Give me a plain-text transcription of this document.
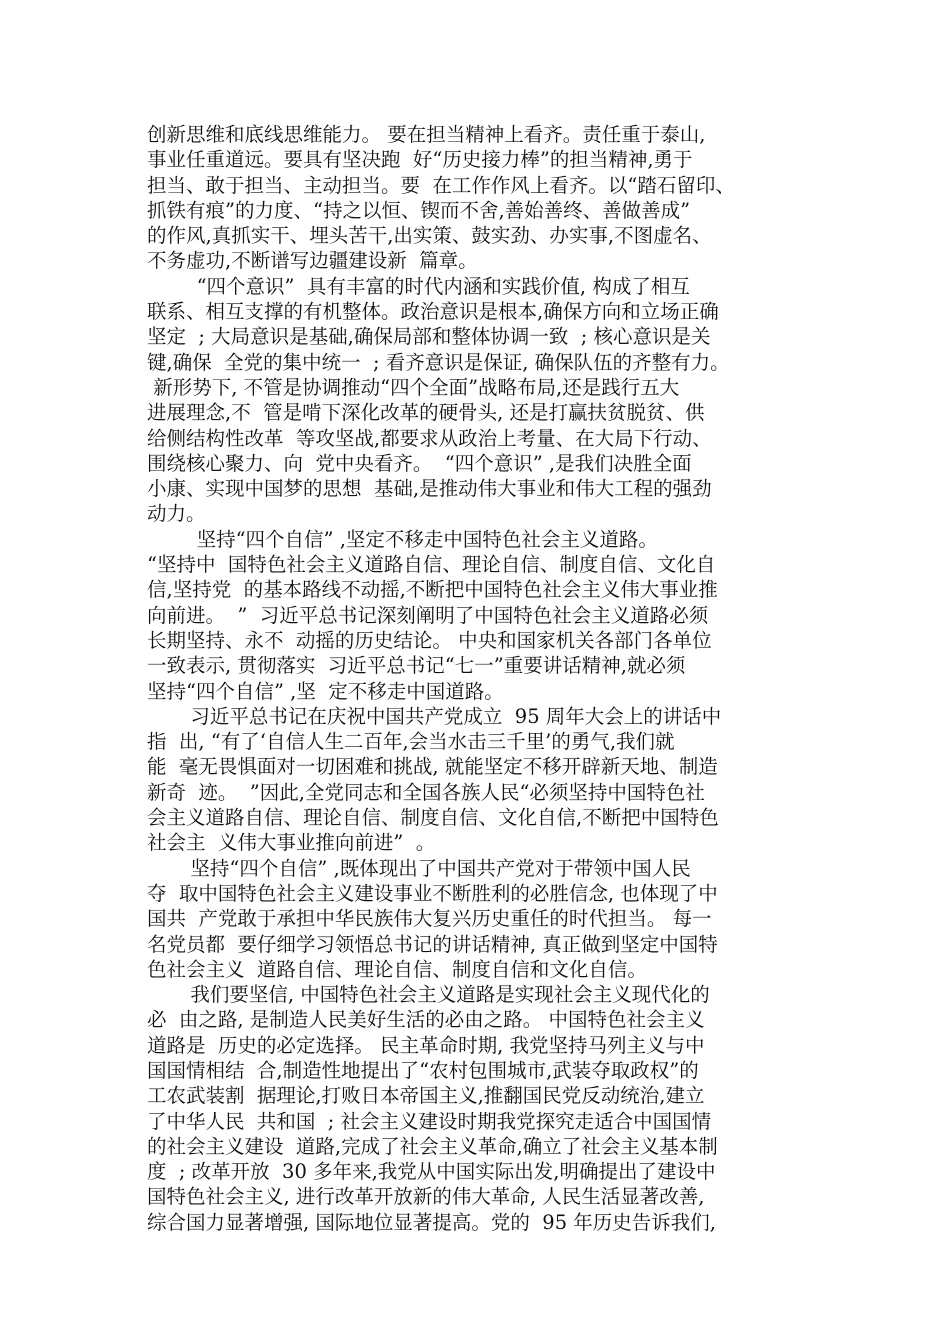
创新思维和底线思维能力。 要在担当精神上看齐。责任重于泰山,
事业任重道远。要具有坚决跑  好“历史接力棒”的担当精神,勇于
担当、敢于担当、主动担当。要  在工作作风上看齐。以“踏石留印、
抓铁有痕”的力度、“持之以恒、锲而不舍,善始善终、善做善成”
的作风,真抓实干、埋头苦干,出实策、鼓实劲、办实事,不图虚名、
不务虚功,不断谱写边疆建设新  篇章。
“四个意识”  具有丰富的时代内涵和实践价值, 构成了相互
联系、相互支撑的有机整体。政治意识是根本,确保方向和立场正确
坚定  ; 大局意识是基础,确保局部和整体协调一致  ; 核心意识是关
键,确保  全党的集中统一  ; 看齐意识是保证, 确保队伍的齐整有力。
新形势下, 不管是协调推动“四个全面”战略布局,还是践行五大
进展理念,不  管是啃下深化改革的硬骨头, 还是打赢扶贫脱贫、供
给侧结构性改革  等攻坚战,都要求从政治上考量、在大局下行动、
围绕核心聚力、向  党中央看齐。  “四个意识” ,是我们决胜全面
小康、实现中国梦的思想  基础,是推动伟大事业和伟大工程的强劲
动力。
坚持“四个自信” ,坚定不移走中国特色社会主义道路。
“坚持中  国特色社会主义道路自信、理论自信、制度自信、文化自
信,坚持党  的基本路线不动摇,不断把中国特色社会主义伟大事业推
向前进。  ”  习近平总书记深刻阐明了中国特色社会主义道路必须
长期坚持、永不  动摇的历史结论。 中央和国家机关各部门各单位
一致表示, 贯彻落实  习近平总书记“七一”重要讲话精神,就必须
坚持“四个自信” ,坚  定不移走中国道路。
习近平总书记在庆祝中国共产党成立  95 周年大会上的讲话中
指  出, “有了‘自信人生二百年,会当水击三千里’的勇气,我们就
能  毫无畏惧面对一切困难和挑战, 就能坚定不移开辟新天地、制造
新奇  迹。  ”因此,全党同志和全国各族人民“必须坚持中国特色社
会主义道路自信、理论自信、制度自信、文化自信,不断把中国特色
社会主  义伟大事业推向前进”  。
坚持“四个自信” ,既体现出了中国共产党对于带领中国人民
夺  取中国特色社会主义建设事业不断胜利的必胜信念, 也体现了中
国共  产党敢于承担中华民族伟大复兴历史重任的时代担当。 每一
名党员都  要仔细学习领悟总书记的讲话精神, 真正做到坚定中国特
色社会主义  道路自信、理论自信、制度自信和文化自信。
我们要坚信, 中国特色社会主义道路是实现社会主义现代化的
必  由之路, 是制造人民美好生活的必由之路。 中国特色社会主义
道路是  历史的必定选择。 民主革命时期, 我党坚持马列主义与中
国国情相结  合,制造性地提出了“农村包围城市,武装夺取政权”的
工农武装割  据理论,打败日本帝国主义,推翻国民党反动统治,建立
了中华人民  共和国  ; 社会主义建设时期我党探究走适合中国国情
的社会主义建设  道路,完成了社会主义革命,确立了社会主义基本制
度  ; 改革开放  30 多年来,我党从中国实际出发,明确提出了建设中
国特色社会主义, 进行改革开放新的伟大革命, 人民生活显著改善,
综合国力显著增强, 国际地位显著提高。党的  95 年历史告诉我们,
